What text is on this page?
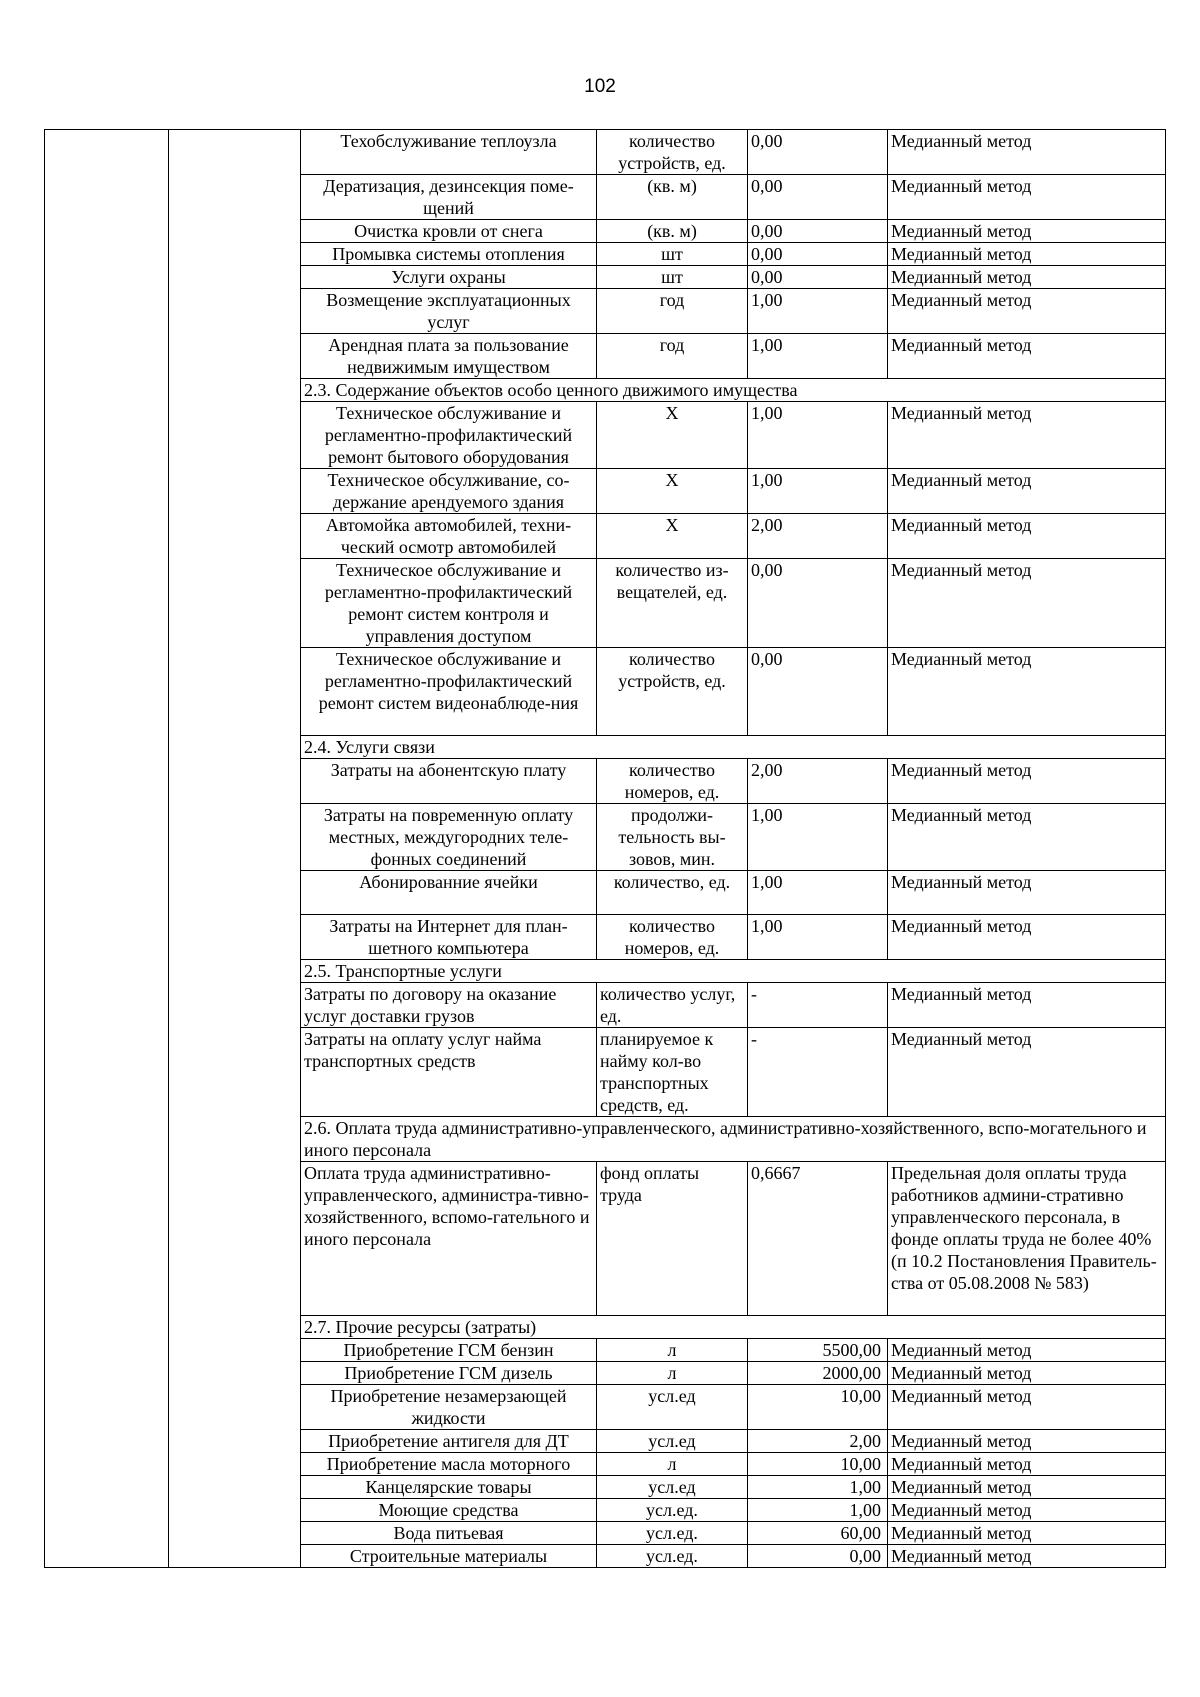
102
		Техобслуживание теплоузла	количество устройств, ед.	0,00	Медианный метод
		Дератизация, дезинсекция поме-щений	(кв. м)	0,00	Медианный метод
		Очистка кровли от снега	(кв. м)	0,00	Медианный метод
		Промывка системы отопления	шт	0,00	Медианный метод
		Услуги охраны	шт	0,00	Медианный метод
		Возмещение эксплуатационных услуг	год	1,00	Медианный метод
		Арендная плата за пользование недвижимым имуществом	год	1,00	Медианный метод
		2.3. Содержание объектов особо ценного движимого имущества			
		Техническое обслуживание и регламентно-профилактический ремонт бытового оборудования	Х	1,00	Медианный метод
		Техническое обсулживание, со-держание арендуемого здания	Х	1,00	Медианный метод
		Автомойка автомобилей, техни-ческий осмотр автомобилей	Х	2,00	Медианный метод
		Техническое обслуживание и регламентно-профилактический ремонт систем контроля и управления доступом	количество из-вещателей, ед.	0,00	Медианный метод
		Техническое обслуживание и регламентно-профилактический ремонт систем видеонаблюде-ния	количество устройств, ед.	0,00	Медианный метод
		2.4. Услуги связи			
		Затраты на абонентскую плату	количество номеров, ед.	2,00	Медианный метод
		Затраты на повременную оплату местных, междугородних теле-фонных соединений	продолжи-тельность вы-зовов, мин.	1,00	Медианный метод
		Абонированние ячейки	количество, ед.	1,00	Медианный метод
		Затраты на Интернет для план-шетного компьютера	количество номеров, ед.	1,00	Медианный метод
		2.5. Транспортные услуги			
		Затраты по договору на оказание услуг доставки грузов	количество услуг, ед.	-	Медианный метод
		Затраты на оплату услуг найма транспортных средств	планируемое к найму кол-во транспортных средств, ед.	-	Медианный метод
		2.6. Оплата труда административно-управленческого, административно-хозяйственного, вспо-могательного и иного персонала			
		Оплата труда административно-управленческого, администра-тивно-хозяйственного, вспомо-гательного и иного персонала	фонд оплаты труда	0,6667	Предельная доля оплаты труда работников админи-стративно управленческого персонала, в фонде оплаты труда не более 40% (п 10.2 Постановления Правитель-ства от 05.08.2008 № 583)
		2.7. Прочие ресурсы (затраты)			
		Приобретение ГСМ бензин	л	5500,00	Медианный метод
		Приобретение ГСМ дизель	л	2000,00	Медианный метод
		Приобретение незамерзающей жидкости	усл.ед	10,00	Медианный метод
		Приобретение антигеля для ДТ	усл.ед	2,00	Медианный метод
		Приобретение масла моторного	л	10,00	Медианный метод
		Канцелярские товары	усл.ед	1,00	Медианный метод
		Моющие средства	усл.ед.	1,00	Медианный метод
		Вода питьевая	усл.ед.	60,00	Медианный метод
		Строительные материалы	усл.ед.	0,00	Медианный метод
